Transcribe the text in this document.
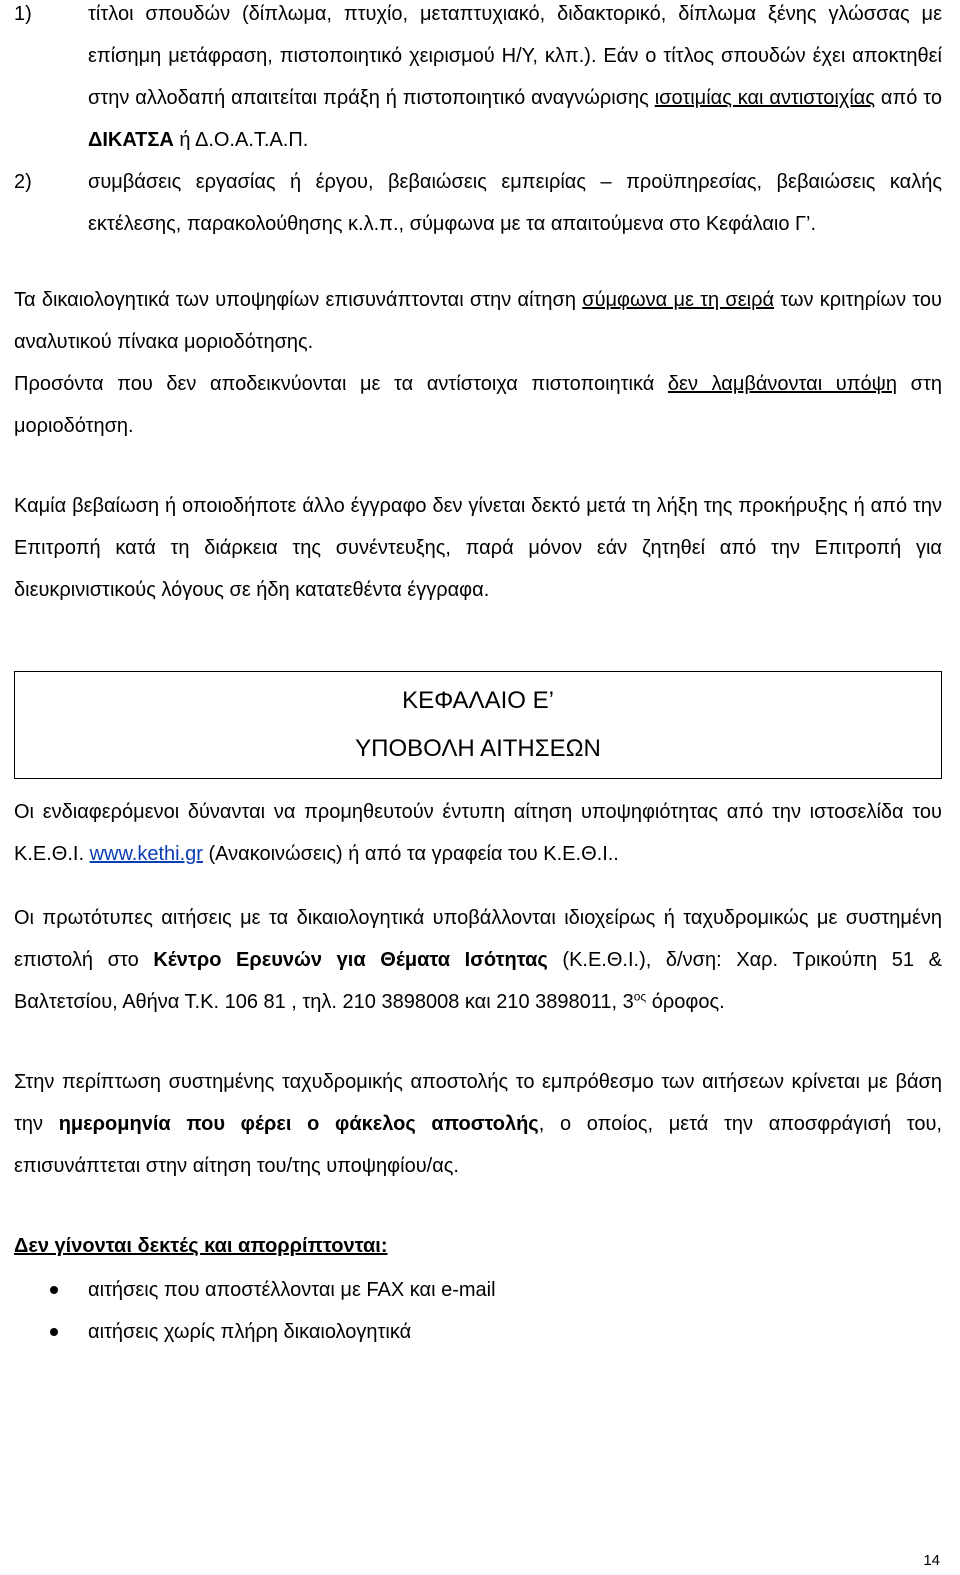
1)	τίτλοι σπουδών (δίπλωμα, πτυχίο, μεταπτυχιακό, διδακτορικό, δίπλωμα ξένης γλώσσας με επίσημη μετάφραση, πιστοποιητικό χειρισμού Η/Υ, κλπ.). Εάν ο τίτλος σπουδών έχει αποκτηθεί στην αλλοδαπή απαιτείται πράξη ή πιστοποιητικό αναγνώρισης ισοτιμίας και αντιστοιχίας από το ΔΙΚΑΤΣΑ ή Δ.Ο.Α.Τ.Α.Π.
2)	συμβάσεις εργασίας ή έργου, βεβαιώσεις εμπειρίας – προϋπηρεσίας, βεβαιώσεις καλής εκτέλεσης, παρακολούθησης κ.λ.π., σύμφωνα με τα απαιτούμενα στο Κεφάλαιο Γ’.

Τα δικαιολογητικά των υποψηφίων επισυνάπτονται στην αίτηση σύμφωνα με τη σειρά των κριτηρίων του αναλυτικού πίνακα μοριοδότησης.

Προσόντα που δεν αποδεικνύονται με τα αντίστοιχα πιστοποιητικά δεν λαμβάνονται υπόψη στη μοριοδότηση.

Καμία βεβαίωση ή οποιοδήποτε άλλο έγγραφο δεν γίνεται δεκτό μετά τη λήξη της προκήρυξης ή από την Επιτροπή κατά τη διάρκεια της συνέντευξης, παρά μόνον εάν ζητηθεί από την Επιτροπή για διευκρινιστικούς λόγους σε ήδη κατατεθέντα έγγραφα.

ΚΕΦΑΛΑΙΟ Ε’
ΥΠΟΒΟΛΗ ΑΙΤΗΣΕΩΝ

Οι ενδιαφερόμενοι δύνανται να προμηθευτούν έντυπη αίτηση υποψηφιότητας από την ιστοσελίδα του Κ.Ε.Θ.Ι. www.kethi.gr (Ανακοινώσεις) ή από τα γραφεία του Κ.Ε.Θ.Ι..

Οι πρωτότυπες αιτήσεις με τα δικαιολογητικά υποβάλλονται ιδιοχείρως ή ταχυδρομικώς με συστημένη επιστολή στο Κέντρο Ερευνών για Θέματα Ισότητας (Κ.Ε.Θ.Ι.), δ/νση: Χαρ. Τρικούπη 51 & Βαλτετσίου, Αθήνα Τ.Κ. 106 81 , τηλ. 210 3898008 και 210 3898011, $3^{o\varsigma}$ όροφος.

Στην περίπτωση συστημένης ταχυδρομικής αποστολής το εμπρόθεσμο των αιτήσεων κρίνεται με βάση την ημερομηνία που φέρει ο φάκελος αποστολής, ο οποίος, μετά την αποσφράγισή του, επισυνάπτεται στην αίτηση του/της υποψηφίου/ας.

Δεν γίνονται δεκτές και απορρίπτονται:

αιτήσεις που αποστέλλονται με FAX και e-mail
αιτήσεις χωρίς πλήρη δικαιολογητικά
14
